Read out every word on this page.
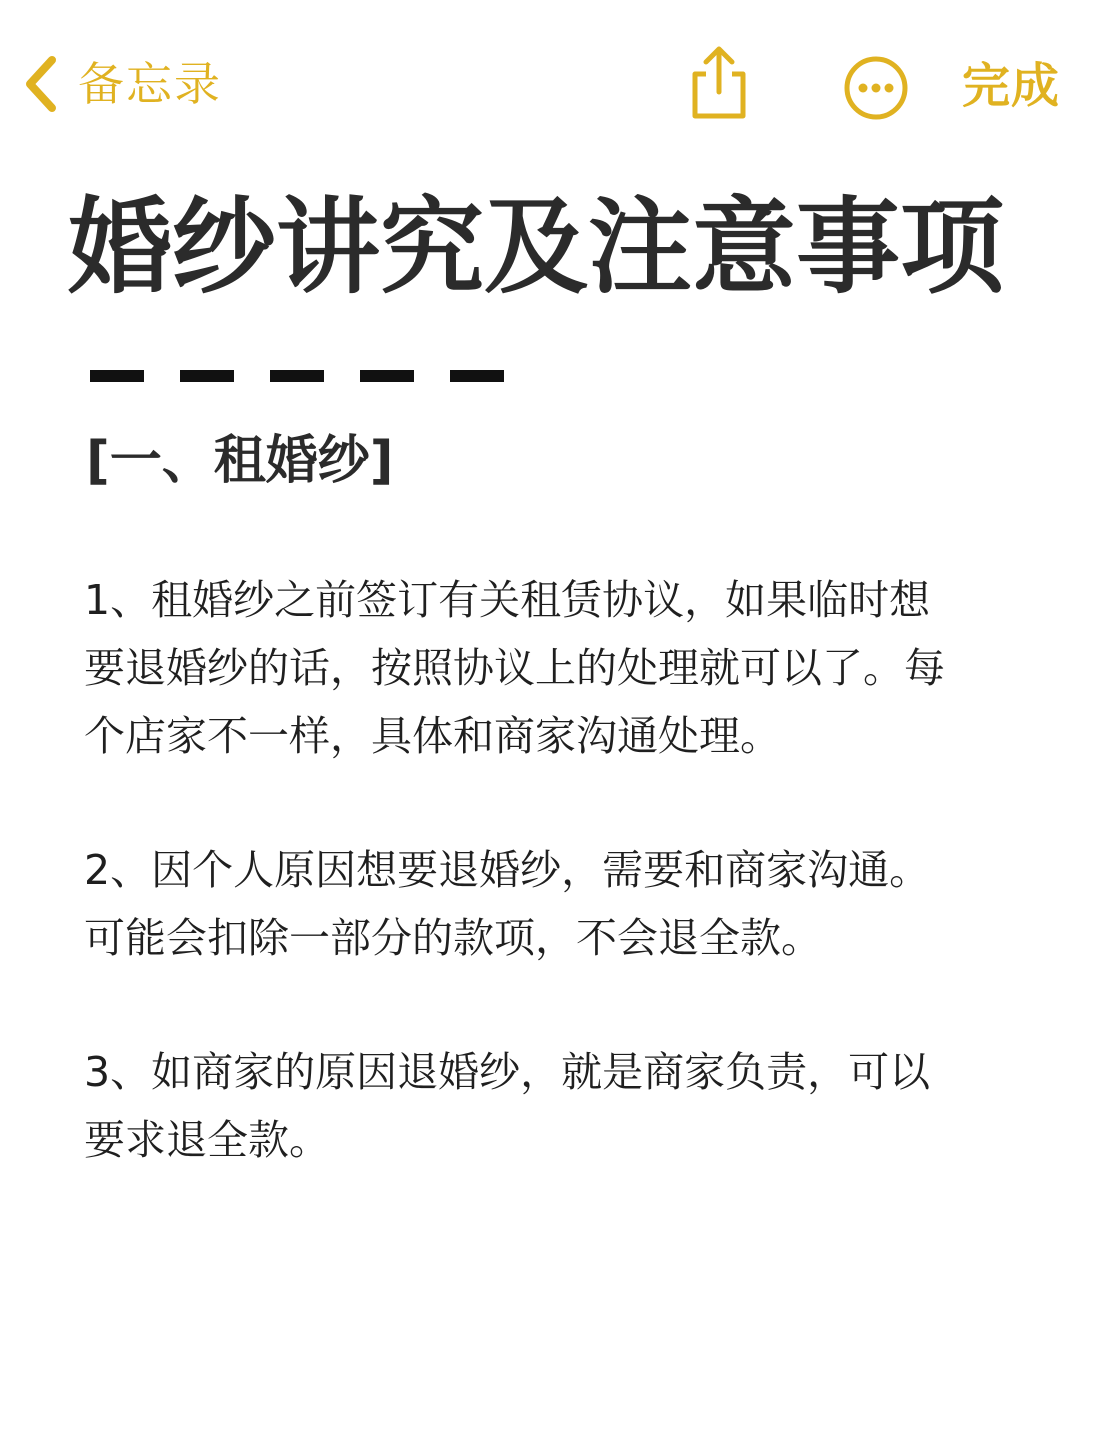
备忘录	完成
婚纱讲究及注意事项
[一、租婚纱]
1、租婚纱之前签订有关租赁协议，如果临时想
要退婚纱的话，按照协议上的处理就可以了。每
个店家不一样，具体和商家沟通处理。
2、因个人原因想要退婚纱，需要和商家沟通。
可能会扣除一部分的款项，不会退全款。
3、如商家的原因退婚纱，就是商家负责，可以
要求退全款。
